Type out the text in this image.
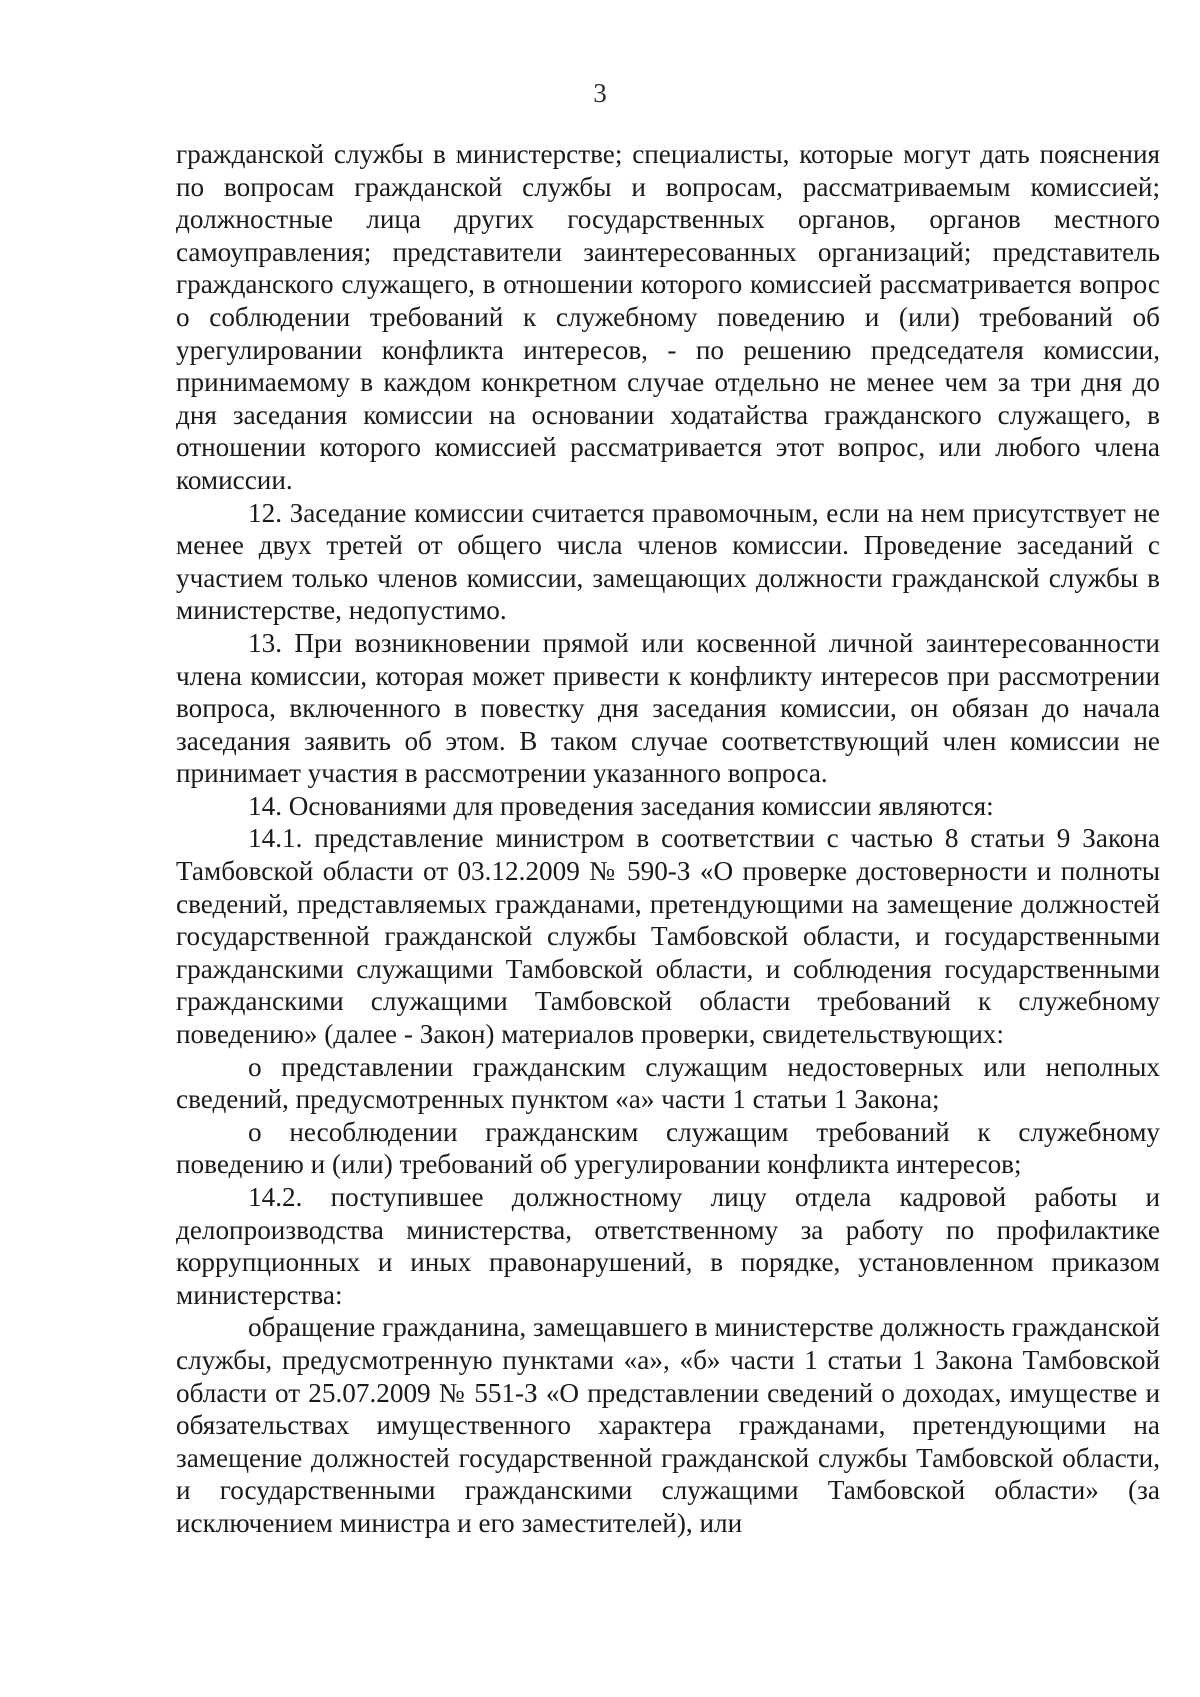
3

гражданской службы в министерстве; специалисты, которые могут дать пояснения по вопросам гражданской службы и вопросам, рассматриваемым комиссией; должностные лица других государственных органов, органов местного самоуправления; представители заинтересованных организаций; представитель гражданского служащего, в отношении которого комиссией рассматривается вопрос о соблюдении требований к служебному поведению и (или) требований об урегулировании конфликта интересов, - по решению председателя комиссии, принимаемому в каждом конкретном случае отдельно не менее чем за три дня до дня заседания комиссии на основании ходатайства гражданского служащего, в отношении которого комиссией рассматривается этот вопрос, или любого члена комиссии.

12. Заседание комиссии считается правомочным, если на нем присутствует не менее двух третей от общего числа членов комиссии. Проведение заседаний с участием только членов комиссии, замещающих должности гражданской службы в министерстве, недопустимо.

13. При возникновении прямой или косвенной личной заинтересованности члена комиссии, которая может привести к конфликту интересов при рассмотрении вопроса, включенного в повестку дня заседания комиссии, он обязан до начала заседания заявить об этом. В таком случае соответствующий член комиссии не принимает участия в рассмотрении указанного вопроса.

14. Основаниями для проведения заседания комиссии являются:

14.1. представление министром в соответствии с частью 8 статьи 9 Закона Тамбовской области от 03.12.2009 № 590-З «О проверке достоверности и полноты сведений, представляемых гражданами, претендующими на замещение должностей государственной гражданской службы Тамбовской области, и государственными гражданскими служащими Тамбовской области, и соблюдения государственными гражданскими служащими Тамбовской области требований к служебному поведению» (далее - Закон) материалов проверки, свидетельствующих:

о представлении гражданским служащим недостоверных или неполных сведений, предусмотренных пунктом «а» части 1 статьи 1 Закона;

о несоблюдении гражданским служащим требований к служебному поведению и (или) требований об урегулировании конфликта интересов;

14.2. поступившее должностному лицу отдела кадровой работы и делопроизводства министерства, ответственному за работу по профилактике коррупционных и иных правонарушений, в порядке, установленном приказом министерства:

обращение гражданина, замещавшего в министерстве должность гражданской службы, предусмотренную пунктами «а», «б» части 1 статьи 1 Закона Тамбовской области от 25.07.2009 № 551-З «О представлении сведений о доходах, имуществе и обязательствах имущественного характера гражданами, претендующими на замещение должностей государственной гражданской службы Тамбовской области, и государственными гражданскими служащими Тамбовской области» (за исключением министра и его заместителей), или
